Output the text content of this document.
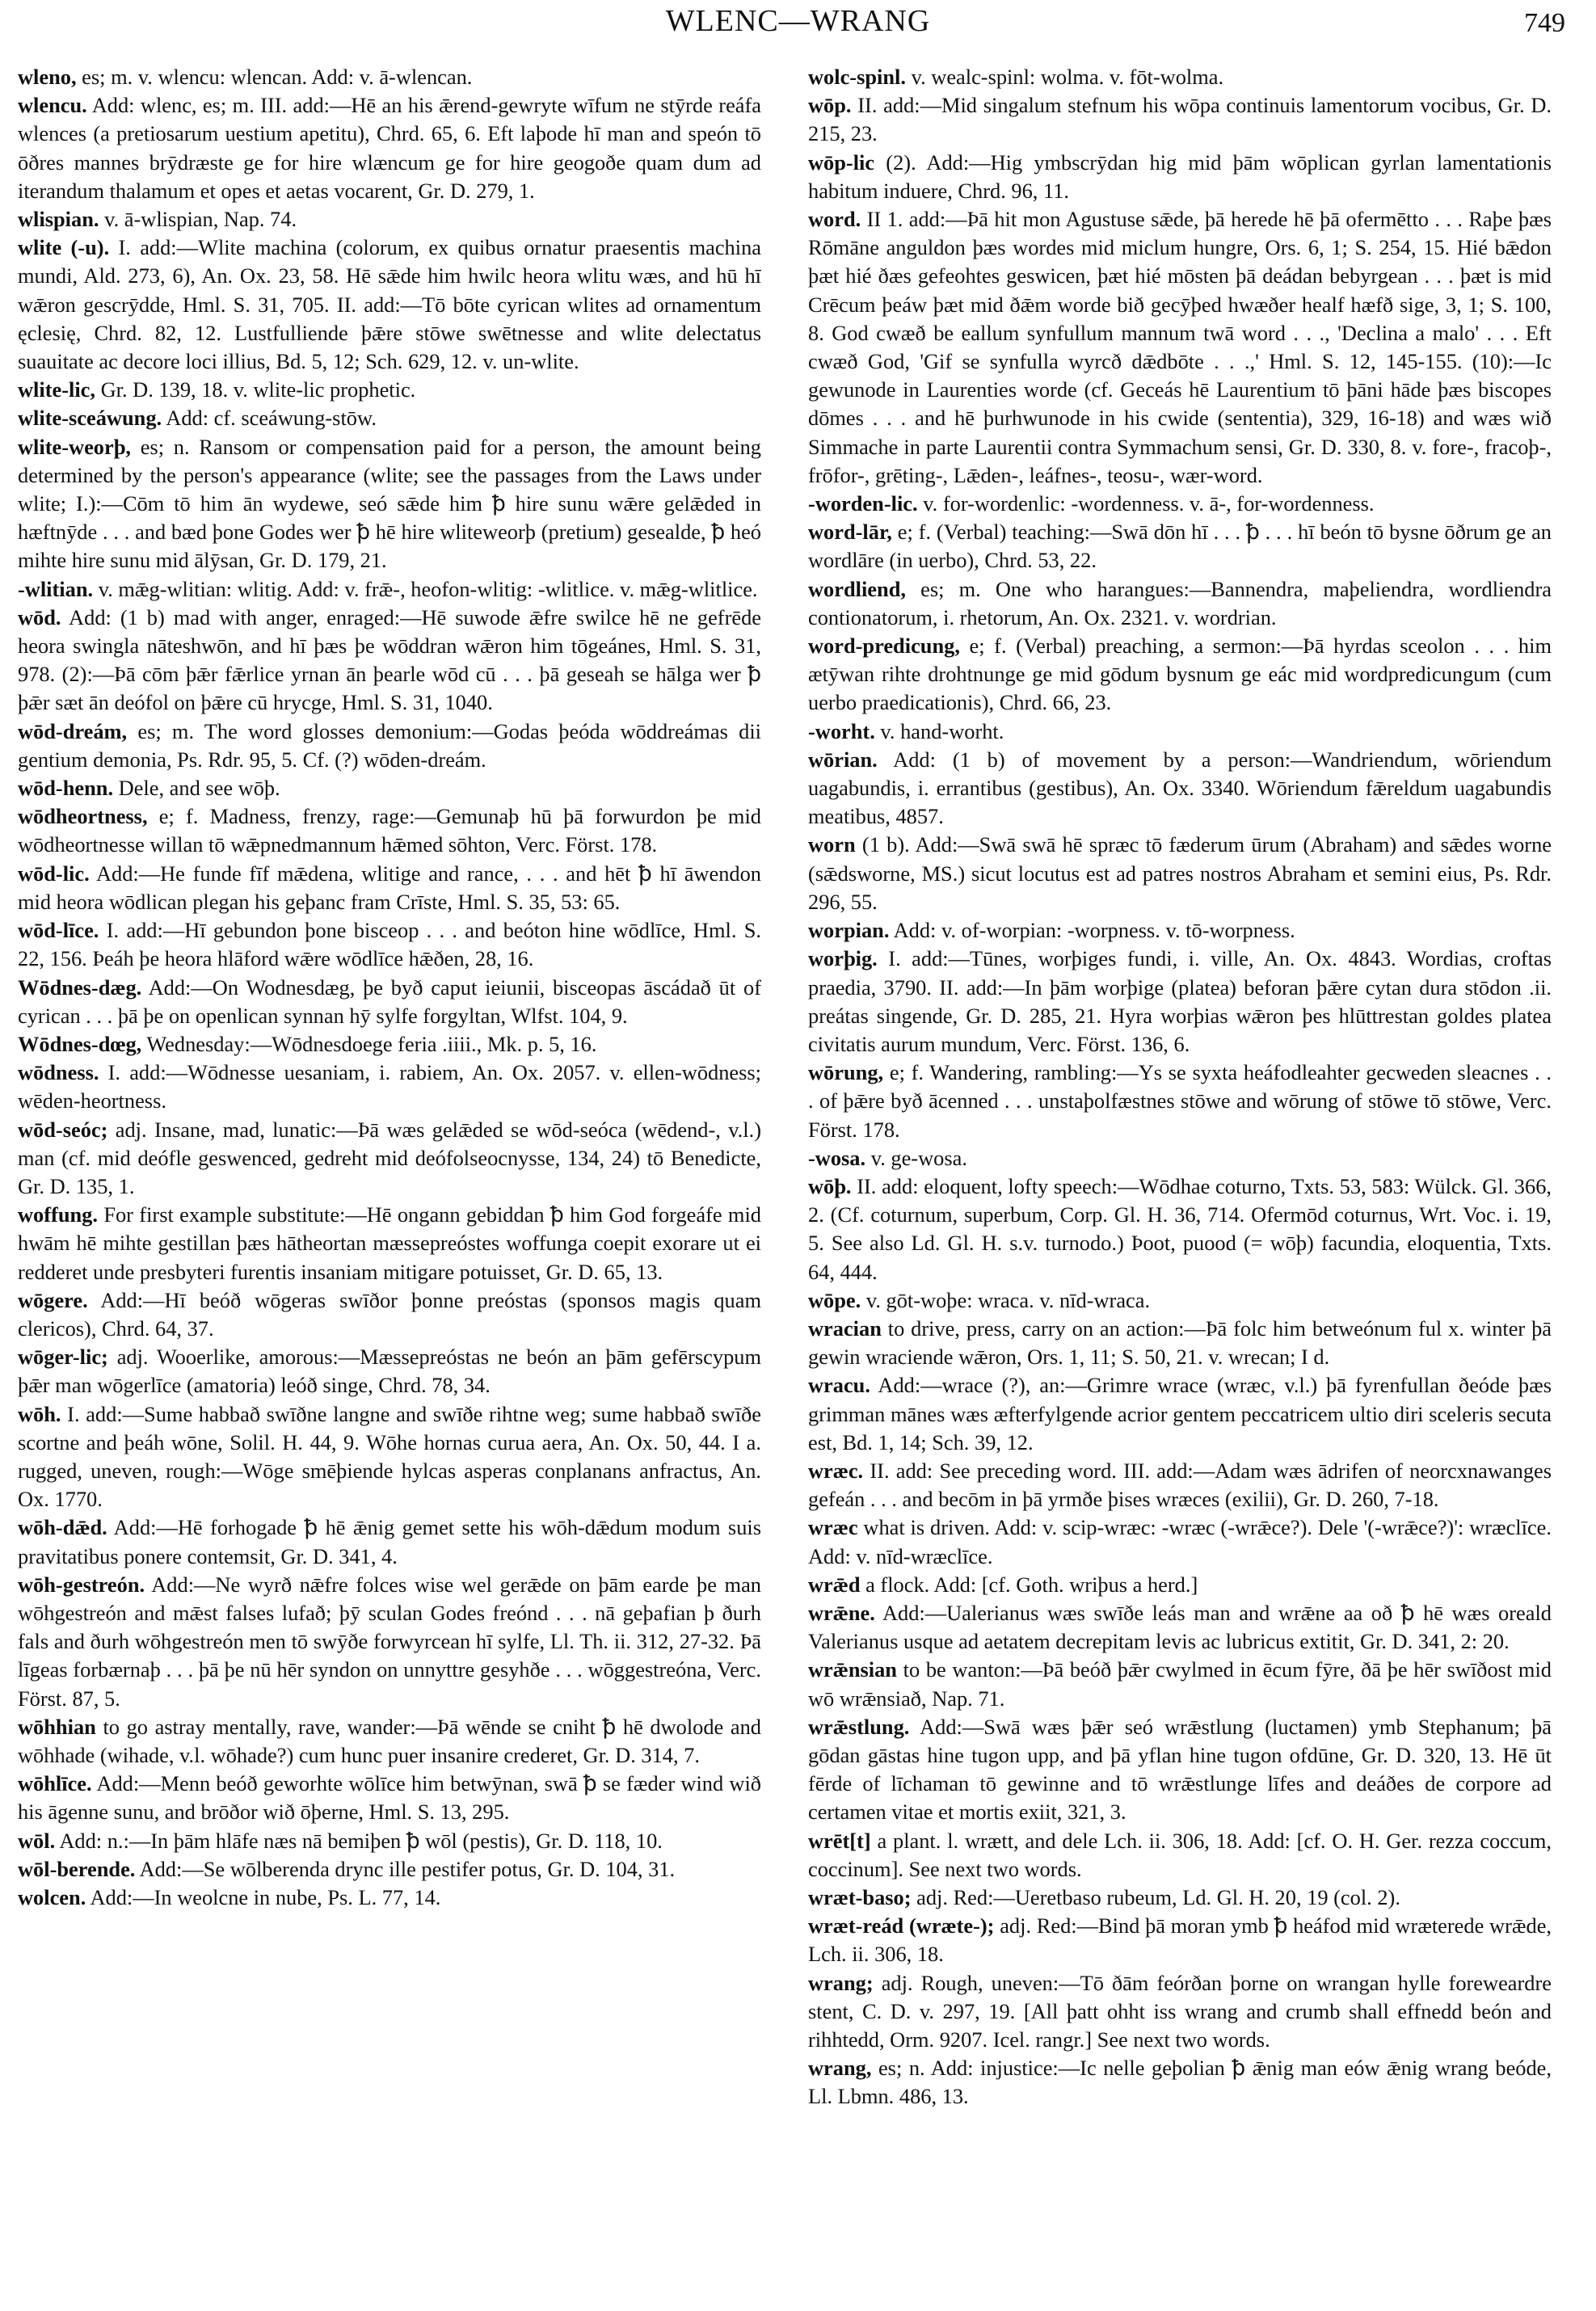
WLENC—WRANG	749

wleno, es; m. v. wlencu: wlencan. Add: v. ā-wlencan.

wlencu. Add: wlenc, es; m. III. add:—Hē an his ǣrend-gewryte wīfum ne stȳrde reáfa wlences (a pretiosarum uestium apetitu), Chrd. 65, 6. Eft laþode hī man and speón tō ōðres mannes brȳdræste ge for hire wlæncum ge for hire geogoðe quam dum ad iterandum thalamum et opes et aetas vocarent, Gr. D. 279, 1.

wlispian. v. ā-wlispian, Nap. 74.

wlite (-u). I. add:—Wlite machina (colorum, ex quibus ornatur praesentis machina mundi, Ald. 273, 6), An. Ox. 23, 58. Hē sǣde him hwilc heora wlitu wæs, and hū hī wǣron gescrȳdde, Hml. S. 31, 705. II. add:—Tō bōte cyrican wlites ad ornamentum ęclesię, Chrd. 82, 12. Lustfulliende þǣre stōwe swētnesse and wlite delectatus suauitate ac decore loci illius, Bd. 5, 12; Sch. 629, 12. v. un-wlite.

wlite-lic, Gr. D. 139, 18. v. wlite-lic prophetic.

wlite-sceáwung. Add: cf. sceáwung-stōw.

wlite-weorþ, es; n. Ransom or compensation paid for a person, the amount being determined by the person's appearance (wlite; see the passages from the Laws under wlite; I.):—Cōm tō him ān wydewe, seó sǣde him ꝥ hire sunu wǣre gelǣded in hæftnȳde . . . and bæd þone Godes wer ꝥ hē hire wliteweorþ (pretium) gesealde, ꝥ heó mihte hire sunu mid ālȳsan, Gr. D. 179, 21.

-wlitian. v. mǣg-wlitian: wlitig. Add: v. frǣ-, heofon-wlitig: -wlitlice. v. mǣg-wlitlice.

wōd. Add: (1 b) mad with anger, enraged:—Hē suwode ǣfre swilce hē ne gefrēde heora swingla nāteshwōn, and hī þæs þe wōddran wǣron him tōgeánes, Hml. S. 31, 978. (2):—Þā cōm þǣr fǣrlice yrnan ān þearle wōd cū . . . þā geseah se hālga wer ꝥ þǣr sæt ān deófol on þǣre cū hrycge, Hml. S. 31, 1040.

wōd-dreám, es; m. The word glosses demonium:—Godas þeóda wōddreámas dii gentium demonia, Ps. Rdr. 95, 5. Cf. (?) wōden-dreám.

wōd-henn. Dele, and see wōþ.

wōdheortness, e; f. Madness, frenzy, rage:—Gemunaþ hū þā forwurdon þe mid wōdheortnesse willan tō wǣpnedmannum hǣmed sōhton, Verc. Först. 178.

wōd-lic. Add:—He funde fīf mǣdena, wlitige and rance, . . . and hēt ꝥ hī āwendon mid heora wōdlican plegan his geþanc fram Crīste, Hml. S. 35, 53: 65.

wōd-līce. I. add:—Hī gebundon þone bisceop . . . and beóton hine wōdlīce, Hml. S. 22, 156. Þeáh þe heora hlāford wǣre wōdlīce hǣðen, 28, 16.

Wōdnes-dæg. Add:—On Wodnesdæg, þe byð caput ieiunii, bisceopas āscádað ūt of cyrican . . . þā þe on openlican synnan hȳ sylfe forgyltan, Wlfst. 104, 9.

Wōdnes-dœg, Wednesday:—Wōdnesdoege feria .iiii., Mk. p. 5, 16.

wōdness. I. add:—Wōdnesse uesaniam, i. rabiem, An. Ox. 2057. v. ellen-wōdness; wēden-heortness.

wōd-seóc; adj. Insane, mad, lunatic:—Þā wæs gelǣded se wōd-seóca (wēdend-, v.l.) man (cf. mid deófle geswenced, gedreht mid deófolseocnysse, 134, 24) tō Benedicte, Gr. D. 135, 1.

woffung. For first example substitute:—Hē ongann gebiddan ꝥ him God forgeáfe mid hwām hē mihte gestillan þæs hātheortan mæssepreóstes woffunga coepit exorare ut ei redderet unde presbyteri furentis insaniam mitigare potuisset, Gr. D. 65, 13.

wōgere. Add:—Hī beóð wōgeras swīðor þonne preóstas (sponsos magis quam clericos), Chrd. 64, 37.

wōger-lic; adj. Wooerlike, amorous:—Mæssepreóstas ne beón an þām gefērscypum þǣr man wōgerlīce (amatoria) leóð singe, Chrd. 78, 34.

wōh. I. add:—Sume habbað swīðne langne and swīðe rihtne weg; sume habbað swīðe scortne and þeáh wōne, Solil. H. 44, 9. Wōhe hornas curua aera, An. Ox. 50, 44. I a. rugged, uneven, rough:—Wōge smēþiende hylcas asperas conplanans anfractus, An. Ox. 1770.

wōh-dǣd. Add:—Hē forhogade ꝥ hē ǣnig gemet sette his wōh-dǣdum modum suis pravitatibus ponere contemsit, Gr. D. 341, 4.

wōh-gestreón. Add:—Ne wyrð nǣfre folces wise wel gerǣde on þām earde þe man wōhgestreón and mǣst falses lufað; þȳ sculan Godes freónd . . . nā geþafian þ ðurh fals and ðurh wōhgestreón men tō swȳðe forwyrcean hī sylfe, Ll. Th. ii. 312, 27-32. Þā līgeas forbærnaþ . . . þā þe nū hēr syndon on unnyttre gesyhðe . . . wōggestreóna, Verc. Först. 87, 5.

wōhhian to go astray mentally, rave, wander:—Þā wēnde se cniht ꝥ hē dwolode and wōhhade (wihade, v.l. wōhade?) cum hunc puer insanire crederet, Gr. D. 314, 7.

wōhlīce. Add:—Menn beóð geworhte wōlīce him betwȳnan, swā ꝥ se fæder wind wið his āgenne sunu, and brōðor wið ōþerne, Hml. S. 13, 295.

wōl. Add: n.:—In þām hlāfe næs nā bemiþen ꝥ wōl (pestis), Gr. D. 118, 10.

wōl-berende. Add:—Se wōlberenda drync ille pestifer potus, Gr. D. 104, 31.

wolcen. Add:—In weolcne in nube, Ps. L. 77, 14.

wolc-spinl. v. wealc-spinl: wolma. v. fōt-wolma.

wōp. II. add:—Mid singalum stefnum his wōpa continuis lamentorum vocibus, Gr. D. 215, 23.

wōp-lic (2). Add:—Hig ymbscrȳdan hig mid þām wōplican gyrlan lamentationis habitum induere, Chrd. 96, 11.

word. II 1. add:—Þā hit mon Agustuse sǣde, þā herede hē þā ofermētto . . . Raþe þæs Rōmāne anguldon þæs wordes mid miclum hungre, Ors. 6, 1; S. 254, 15. Hié bǣdon þæt hié ðæs gefeohtes geswicen, þæt hié mōsten þā deádan bebyrgean . . . þæt is mid Crēcum þeáw þæt mid ðǣm worde bið gecȳþed hwæðer healf hæfð sige, 3, 1; S. 100, 8. God cwæð be eallum synfullum mannum twā word . . ., 'Declina a malo' . . . Eft cwæð God, 'Gif se synfulla wyrcð dǣdbōte . . .,' Hml. S. 12, 145-155. (10):—Ic gewunode in Laurenties worde (cf. Geceás hē Laurentium tō þāni hāde þæs biscopes dōmes . . . and hē þurhwunode in his cwide (sententia), 329, 16-18) and wæs wið Simmache in parte Laurentii contra Symmachum sensi, Gr. D. 330, 8. v. fore-, fracoþ-, frōfor-, grēting-, Lǣden-, leáfnes-, teosu-, wær-word.

-worden-lic. v. for-wordenlic: -wordenness. v. ā-, for-wordenness.

word-lār, e; f. (Verbal) teaching:—Swā dōn hī . . . ꝥ . . . hī beón tō bysne ōðrum ge an wordlāre (in uerbo), Chrd. 53, 22.

wordliend, es; m. One who harangues:—Bannendra, maþeliendra, wordliendra contionatorum, i. rhetorum, An. Ox. 2321. v. wordrian.

word-predicung, e; f. (Verbal) preaching, a sermon:—Þā hyrdas sceolon . . . him ætȳwan rihte drohtnunge ge mid gōdum bysnum ge eác mid wordpredicungum (cum uerbo praedicationis), Chrd. 66, 23.

-worht. v. hand-worht.

wōrian. Add: (1 b) of movement by a person:—Wandriendum, wōriendum uagabundis, i. errantibus (gestibus), An. Ox. 3340. Wōriendum fǣreldum uagabundis meatibus, 4857.

worn (1 b). Add:—Swā swā hē spræc tō fæderum ūrum (Abraham) and sǣdes worne (sǣdsworne, MS.) sicut locutus est ad patres nostros Abraham et semini eius, Ps. Rdr. 296, 55.

worpian. Add: v. of-worpian: -worpness. v. tō-worpness.

worþig. I. add:—Tūnes, worþiges fundi, i. ville, An. Ox. 4843. Wordias, croftas praedia, 3790. II. add:—In þām worþige (platea) beforan þǣre cytan dura stōdon .ii. preátas singende, Gr. D. 285, 21. Hyra worþias wǣron þes hlūttrestan goldes platea civitatis aurum mundum, Verc. Först. 136, 6.

wōrung, e; f. Wandering, rambling:—Ys se syxta heáfodleahter gecweden sleacnes . . . of þǣre byð ācenned . . . unstaþolfæstnes stōwe and wōrung of stōwe tō stōwe, Verc. Först. 178.

-wosa. v. ge-wosa.

wōþ. II. add: eloquent, lofty speech:—Wōdhae coturno, Txts. 53, 583: Wülck. Gl. 366, 2. (Cf. coturnum, superbum, Corp. Gl. H. 36, 714. Ofermōd coturnus, Wrt. Voc. i. 19, 5. See also Ld. Gl. H. s.v. turnodo.) Þoot, puood (= wōþ) facundia, eloquentia, Txts. 64, 444.

wōpe. v. gōt-woþe: wraca. v. nīd-wraca.

wracian to drive, press, carry on an action:—Þā folc him betweónum ful x. winter þā gewin wraciende wǣron, Ors. 1, 11; S. 50, 21. v. wrecan; I d.

wracu. Add:—wrace (?), an:—Grimre wrace (wræc, v.l.) þā fyrenfullan ðeóde þæs grimman mānes wæs æfterfylgende acrior gentem peccatricem ultio diri sceleris secuta est, Bd. 1, 14; Sch. 39, 12.

wræc. II. add: See preceding word. III. add:—Adam wæs ādrifen of neorcxnawanges gefeán . . . and becōm in þā yrmðe þises wræces (exilii), Gr. D. 260, 7-18.

wræc what is driven. Add: v. scip-wræc: -wræc (-wrǣce?). Dele '(-wrǣce?)': wræclīce. Add: v. nīd-wræclīce.

wrǣd a flock. Add: [cf. Goth. wriþus a herd.]

wrǣne. Add:—Ualerianus wæs swīðe leás man and wrǣne aa oð ꝥ hē wæs oreald Valerianus usque ad aetatem decrepitam levis ac lubricus extitit, Gr. D. 341, 2: 20.

wrǣnsian to be wanton:—Þā beóð þǣr cwylmed in ēcum fȳre, ðā þe hēr swīðost mid wō wrǣnsiað, Nap. 71.

wrǣstlung. Add:—Swā wæs þǣr seó wrǣstlung (luctamen) ymb Stephanum; þā gōdan gāstas hine tugon upp, and þā yflan hine tugon ofdūne, Gr. D. 320, 13. Hē ūt fērde of līchaman tō gewinne and tō wrǣstlunge līfes and deáðes de corpore ad certamen vitae et mortis exiit, 321, 3.

wrēt[t] a plant. l. wrætt, and dele Lch. ii. 306, 18. Add: [cf. O. H. Ger. rezza coccum, coccinum]. See next two words.

wræt-baso; adj. Red:—Ueretbaso rubeum, Ld. Gl. H. 20, 19 (col. 2).

wræt-reád (wræte-); adj. Red:—Bind þā moran ymb ꝥ heáfod mid wræterede wrǣde, Lch. ii. 306, 18.

wrang; adj. Rough, uneven:—Tō ðām feórðan þorne on wrangan hylle foreweardre stent, C. D. v. 297, 19. [All þatt ohht iss wrang and crumb shall effnedd beón and rihhtedd, Orm. 9207. Icel. rangr.] See next two words.

wrang, es; n. Add: injustice:—Ic nelle geþolian ꝥ ǣnig man eów ǣnig wrang beóde, Ll. Lbmn. 486, 13.
